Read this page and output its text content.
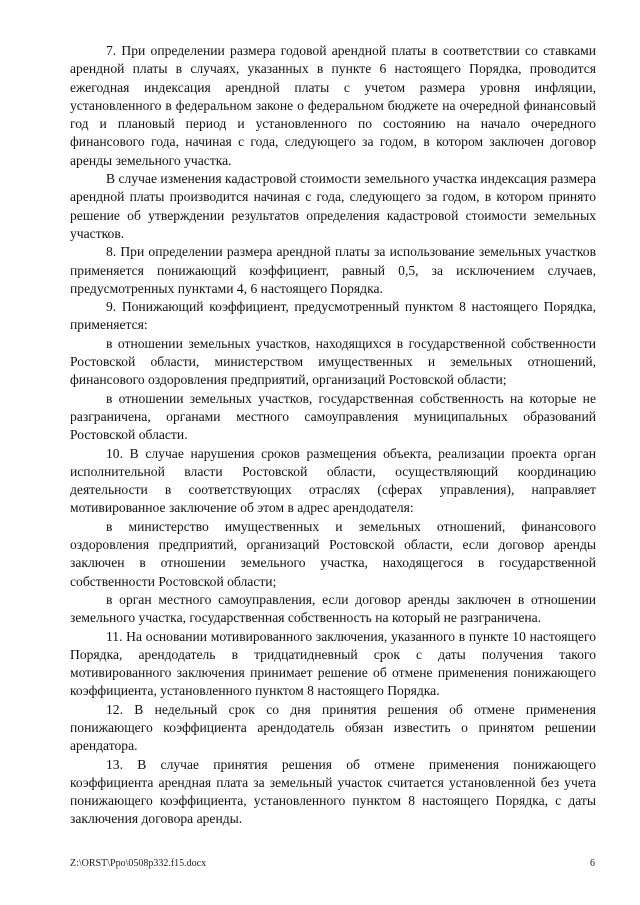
7. При определении размера годовой арендной платы в соответствии со ставками арендной платы в случаях, указанных в пункте 6 настоящего Порядка, проводится ежегодная индексация арендной платы с учетом размера уровня инфляции, установленного в федеральном законе о федеральном бюджете на очередной финансовый год и плановый период и установленного по состоянию на начало очередного финансового года, начиная с года, следующего за годом, в котором заключен договор аренды земельного участка.

В случае изменения кадастровой стоимости земельного участка индексация размера арендной платы производится начиная с года, следующего за годом, в котором принято решение об утверждении результатов определения кадастровой стоимости земельных участков.

8. При определении размера арендной платы за использование земельных участков применяется понижающий коэффициент, равный 0,5, за исключением случаев, предусмотренных пунктами 4, 6 настоящего Порядка.

9. Понижающий коэффициент, предусмотренный пунктом 8 настоящего Порядка, применяется:

в отношении земельных участков, находящихся в государственной собственности Ростовской области, министерством имущественных и земельных отношений, финансового оздоровления предприятий, организаций Ростовской области;

в отношении земельных участков, государственная собственность на которые не разграничена, органами местного самоуправления муниципальных образований Ростовской области.

10. В случае нарушения сроков размещения объекта, реализации проекта орган исполнительной власти Ростовской области, осуществляющий координацию деятельности в соответствующих отраслях (сферах управления), направляет мотивированное заключение об этом в адрес арендодателя:

в министерство имущественных и земельных отношений, финансового оздоровления предприятий, организаций Ростовской области, если договор аренды заключен в отношении земельного участка, находящегося в государственной собственности Ростовской области;

в орган местного самоуправления, если договор аренды заключен в отношении земельного участка, государственная собственность на который не разграничена.

11. На основании мотивированного заключения, указанного в пункте 10 настоящего Порядка, арендодатель в тридцатидневный срок с даты получения такого мотивированного заключения принимает решение об отмене применения понижающего коэффициента, установленного пунктом 8 настоящего Порядка.

12. В недельный срок со дня принятия решения об отмене применения понижающего коэффициента арендодатель обязан известить о принятом решении арендатора.

13. В случае принятия решения об отмене применения понижающего коэффициента арендная плата за земельный участок считается установленной без учета понижающего коэффициента, установленного пунктом 8 настоящего Порядка, с даты заключения договора аренды.

Z:\ORST\Ppo\0508p332.f15.docx	6
